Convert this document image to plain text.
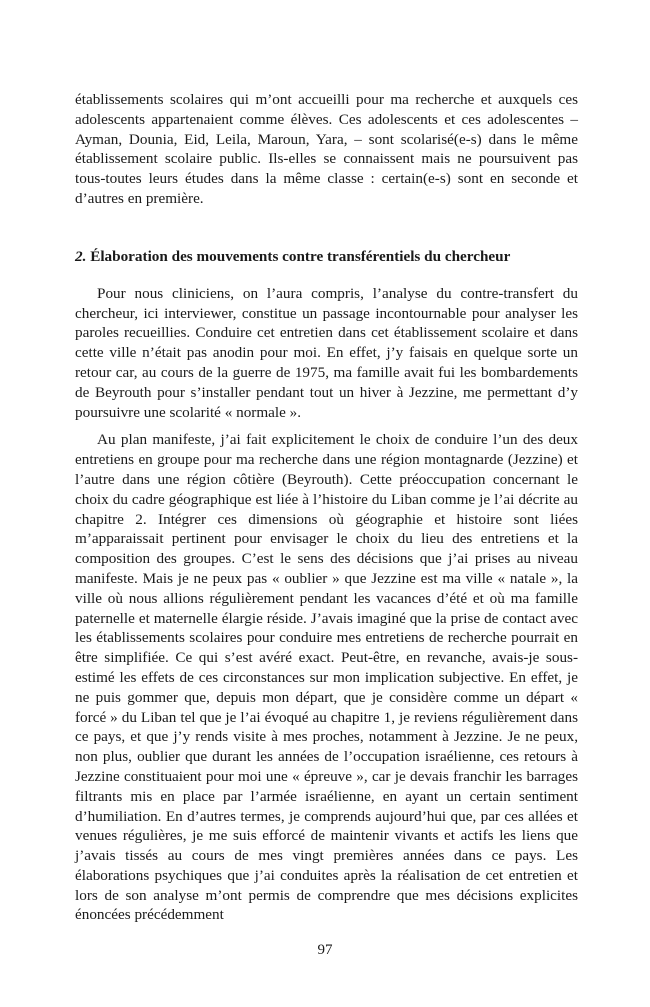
établissements scolaires qui m’ont accueilli pour ma recherche et auxquels ces adolescents appartenaient comme élèves. Ces adolescents et ces adolescentes – Ayman, Dounia, Eid, Leila, Maroun, Yara, – sont scolarisé(e-s) dans le même établissement scolaire public. Ils-elles se connaissent mais ne poursuivent pas tous-toutes leurs études dans la même classe : certain(e-s) sont en seconde et d’autres en première.

2. Élaboration des mouvements contre transférentiels du chercheur

Pour nous cliniciens, on l’aura compris, l’analyse du contre-transfert du chercheur, ici interviewer, constitue un passage incontournable pour analyser les paroles recueillies. Conduire cet entretien dans cet établissement scolaire et dans cette ville n’était pas anodin pour moi. En effet, j’y faisais en quelque sorte un retour car, au cours de la guerre de 1975, ma famille avait fui les bombardements de Beyrouth pour s’installer pendant tout un hiver à Jezzine, me permettant d’y poursuivre une scolarité « normale ».

Au plan manifeste, j’ai fait explicitement le choix de conduire l’un des deux entretiens en groupe pour ma recherche dans une région montagnarde (Jezzine) et l’autre dans une région côtière (Beyrouth). Cette préoccupation concernant le choix du cadre géographique est liée à l’histoire du Liban comme je l’ai décrite au chapitre 2. Intégrer ces dimensions où géographie et histoire sont liées m’apparaissait pertinent pour envisager le choix du lieu des entretiens et la composition des groupes. C’est le sens des décisions que j’ai prises au niveau manifeste. Mais je ne peux pas « oublier » que Jezzine est ma ville « natale », la ville où nous allions régulièrement pendant les vacances d’été et où ma famille paternelle et maternelle élargie réside. J’avais imaginé que la prise de contact avec les établissements scolaires pour conduire mes entretiens de recherche pourrait en être simplifiée. Ce qui s’est avéré exact. Peut-être, en revanche, avais-je sous-estimé les effets de ces circonstances sur mon implication subjective. En effet, je ne puis gommer que, depuis mon départ, que je considère comme un départ « forcé » du Liban tel que je l’ai évoqué au chapitre 1, je reviens régulièrement dans ce pays, et que j’y rends visite à mes proches, notamment à Jezzine. Je ne peux, non plus, oublier que durant les années de l’occupation israélienne, ces retours à Jezzine constituaient pour moi une « épreuve », car je devais franchir les barrages filtrants mis en place par l’armée israélienne, en ayant un certain sentiment d’humiliation. En d’autres termes, je comprends aujourd’hui que, par ces allées et venues régulières, je me suis efforcé de maintenir vivants et actifs les liens que j’avais tissés au cours de mes vingt premières années dans ce pays. Les élaborations psychiques que j’ai conduites après la réalisation de cet entretien et lors de son analyse m’ont permis de comprendre que mes décisions explicites énoncées précédemment

97
